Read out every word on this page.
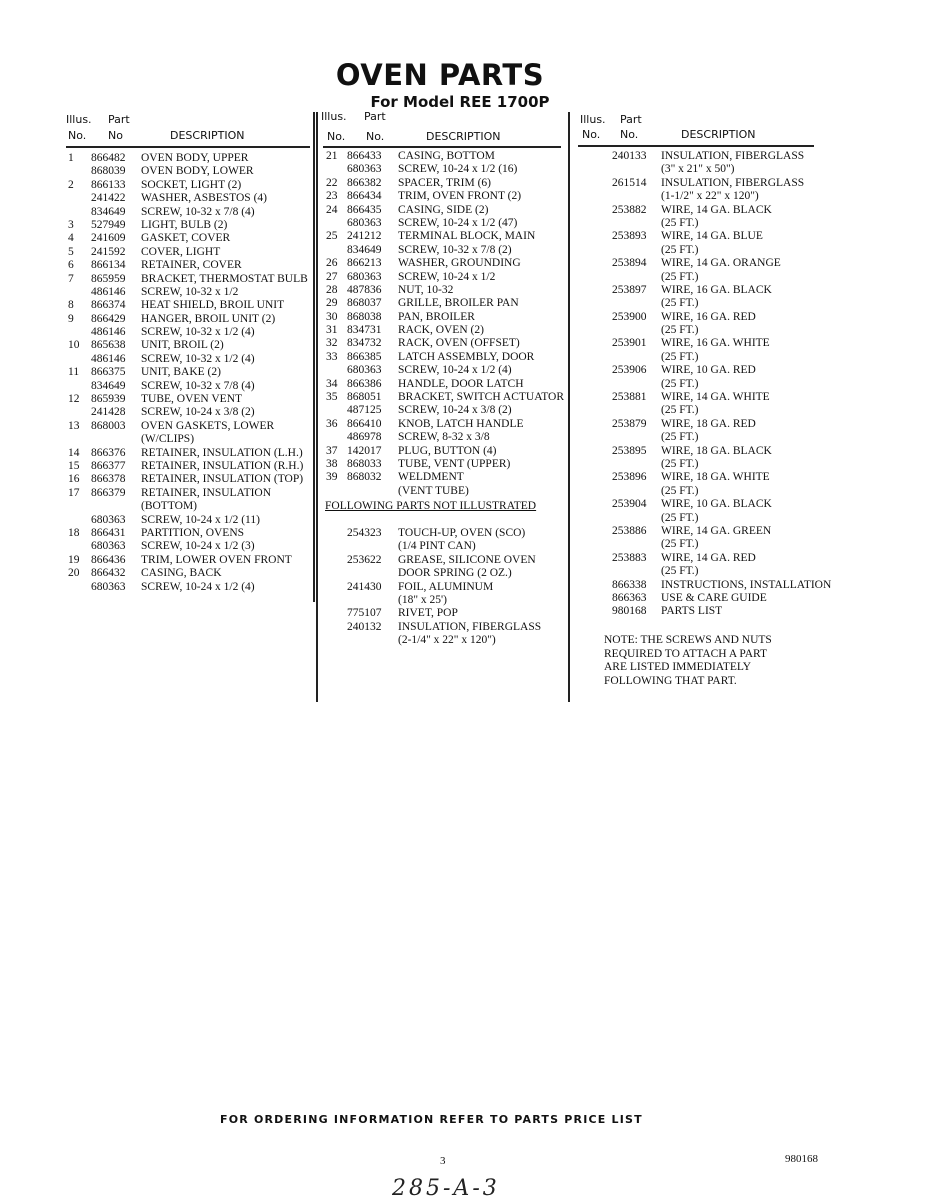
OVEN PARTS
For Model REE 1700P
Illus. Part
No. No	DESCRIPTION
Illus. Part
No. No.	DESCRIPTION
Illus. Part
No. No.	DESCRIPTION
1 866482 OVEN BODY, UPPER
868039 OVEN BODY, LOWER
2 866133 SOCKET, LIGHT (2)
241422 WASHER, ASBESTOS (4)
834649 SCREW, 10-32 x 7/8 (4)
3 527949 LIGHT, BULB (2)
4 241609 GASKET, COVER
5 241592 COVER, LIGHT
6 866134 RETAINER, COVER
7 865959 BRACKET, THERMOSTAT BULB
486146 SCREW, 10-32 x 1/2
8 866374 HEAT SHIELD, BROIL UNIT
9 866429 HANGER, BROIL UNIT (2)
486146 SCREW, 10-32 x 1/2 (4)
10 865638 UNIT, BROIL (2)
486146 SCREW, 10-32 x 1/2 (4)
11 866375 UNIT, BAKE (2)
834649 SCREW, 10-32 x 7/8 (4)
12 865939 TUBE, OVEN VENT
241428 SCREW, 10-24 x 3/8 (2)
13 868003 OVEN GASKETS, LOWER
(W/CLIPS)
14 866376 RETAINER, INSULATION (L.H.)
15 866377 RETAINER, INSULATION (R.H.)
16 866378 RETAINER, INSULATION (TOP)
17 866379 RETAINER, INSULATION
(BOTTOM)
680363 SCREW, 10-24 x 1/2 (11)
18 866431 PARTITION, OVENS
680363 SCREW, 10-24 x 1/2 (3)
19 866436 TRIM, LOWER OVEN FRONT
20 866432 CASING, BACK
680363 SCREW, 10-24 x 1/2 (4)
21 866433 CASING, BOTTOM
680363 SCREW, 10-24 x 1/2 (16)
22 866382 SPACER, TRIM (6)
23 866434 TRIM, OVEN FRONT (2)
24 866435 CASING, SIDE (2)
680363 SCREW, 10-24 x 1/2 (47)
25 241212 TERMINAL BLOCK, MAIN
834649 SCREW, 10-32 x 7/8 (2)
26 866213 WASHER, GROUNDING
27 680363 SCREW, 10-24 x 1/2
28 487836 NUT, 10-32
29 868037 GRILLE, BROILER PAN
30 868038 PAN, BROILER
31 834731 RACK, OVEN (2)
32 834732 RACK, OVEN (OFFSET)
33 866385 LATCH ASSEMBLY, DOOR
680363 SCREW, 10-24 x 1/2 (4)
34 866386 HANDLE, DOOR LATCH
35 868051 BRACKET, SWITCH ACTUATOR
487125 SCREW, 10-24 x 3/8 (2)
36 866410 KNOB, LATCH HANDLE
486978 SCREW, 8-32 x 3/8
37 142017 PLUG, BUTTON (4)
38 868033 TUBE, VENT (UPPER)
39 868032 WELDMENT
(VENT TUBE)
FOLLOWING PARTS NOT ILLUSTRATED
254323 TOUCH-UP, OVEN (SCO)
(1/4 PINT CAN)
253622 GREASE, SILICONE OVEN
DOOR SPRING (2 OZ.)
241430 FOIL, ALUMINUM
(18" x 25')
775107 RIVET, POP
240132 INSULATION, FIBERGLASS
(2-1/4" x 22" x 120")
240133 INSULATION, FIBERGLASS
(3" x 21" x 50")
261514 INSULATION, FIBERGLASS
(1-1/2" x 22" x 120")
253882 WIRE, 14 GA. BLACK
(25 FT.)
253893 WIRE, 14 GA. BLUE
(25 FT.)
253894 WIRE, 14 GA. ORANGE
(25 FT.)
253897 WIRE, 16 GA. BLACK
(25 FT.)
253900 WIRE, 16 GA. RED
(25 FT.)
253901 WIRE, 16 GA. WHITE
(25 FT.)
253906 WIRE, 10 GA. RED
(25 FT.)
253881 WIRE, 14 GA. WHITE
(25 FT.)
253879 WIRE, 18 GA. RED
(25 FT.)
253895 WIRE, 18 GA. BLACK
(25 FT.)
253896 WIRE, 18 GA. WHITE
(25 FT.)
253904 WIRE, 10 GA. BLACK
(25 FT.)
253886 WIRE, 14 GA. GREEN
(25 FT.)
253883 WIRE, 14 GA. RED
(25 FT.)
866338 INSTRUCTIONS, INSTALLATION
866363 USE & CARE GUIDE
980168 PARTS LIST
NOTE: THE SCREWS AND NUTS
REQUIRED TO ATTACH A PART
ARE LISTED IMMEDIATELY
FOLLOWING THAT PART.
FOR ORDERING INFORMATION REFER TO PARTS PRICE LIST
3	980168
285-A-3
